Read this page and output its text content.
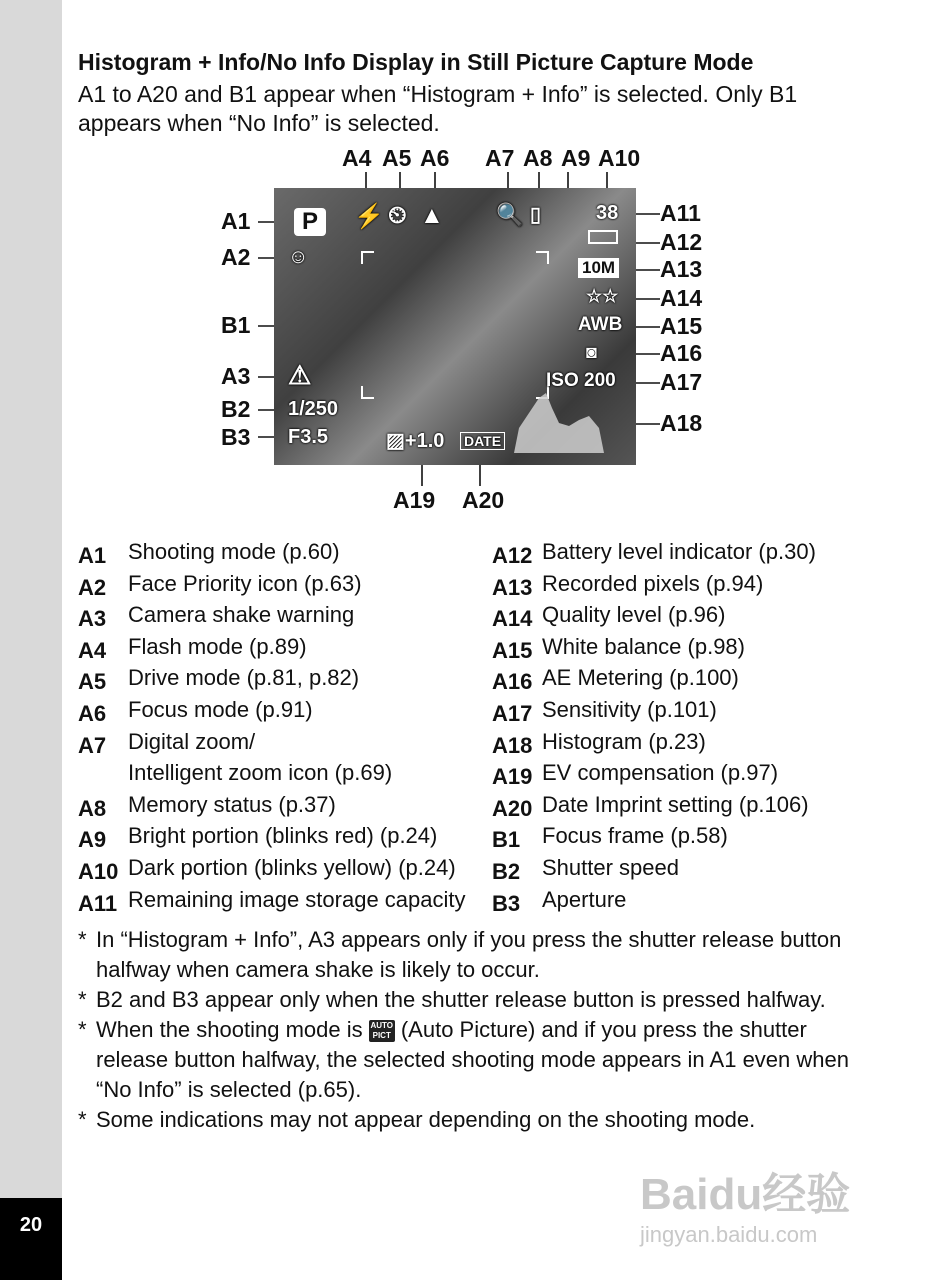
20
Histogram + Info/No Info Display in Still Picture Capture Mode
A1 to A20 and B1 appear when “Histogram + Info” is selected. Only B1 appears when “No Info” is selected.
P
☺
⚡ ⏲ ▲ 🔍 ▯
⚠
38
10M
☆☆
AWB
◙
ISO 200
1/250
F3.5	▨+1.0 DATE
A4 A5 A6 A7 A8 A9 A10
A1
A2
B1
A3
B2
B3
A11
A12
A13
A14
A15
A16
A17
A18
A19 A20
A1 Shooting mode (p.60)
A2 Face Priority icon (p.63)
A3 Camera shake warning
A4 Flash mode (p.89)
A5 Drive mode (p.81, p.82)
A6 Focus mode (p.91)
A7 Digital zoom/
Intelligent zoom icon (p.69)
A8 Memory status (p.37)
A9 Bright portion (blinks red) (p.24)
A10 Dark portion (blinks yellow) (p.24)
A11 Remaining image storage capacity
A12 Battery level indicator (p.30)
A13 Recorded pixels (p.94)
A14 Quality level (p.96)
A15 White balance (p.98)
A16 AE Metering (p.100)
A17 Sensitivity (p.101)
A18 Histogram (p.23)
A19 EV compensation (p.97)
A20 Date Imprint setting (p.106)
B1 Focus frame (p.58)
B2 Shutter speed
B3 Aperture
* In “Histogram + Info”, A3 appears only if you press the shutter release button halfway when camera shake is likely to occur.
* B2 and B3 appear only when the shutter release button is pressed halfway.
* When the shooting mode is AUTO
PICT (Auto Picture) and if you press the shutter release button halfway, the selected shooting mode appears in A1 even when “No Info” is selected (p.65).
* Some indications may not appear depending on the shooting mode.
Baidu经验
jingyan.baidu.com
